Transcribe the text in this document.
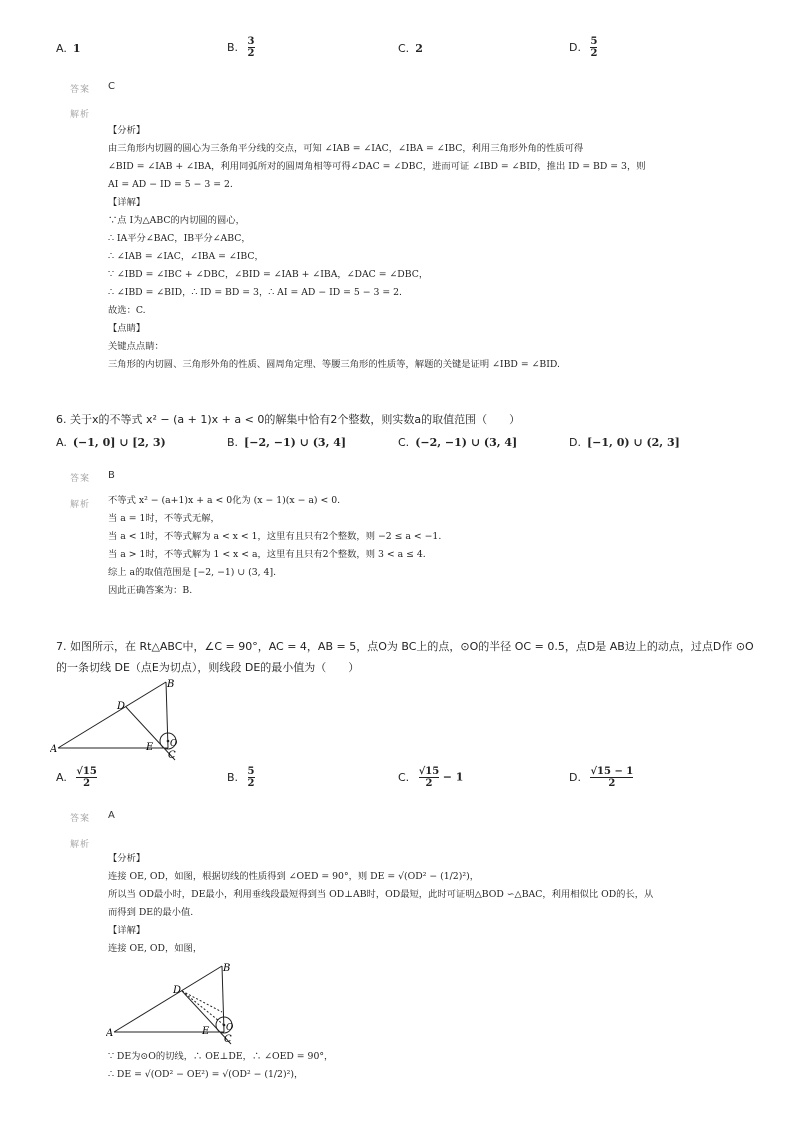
A. 1	B. $\frac{3}{2}$	C. 2	D. $\frac{5}{2}$
答案 C
解析
【分析】
由三角形内切圆的圆心为三条角平分线的交点，可知 ∠IAB = ∠IAC，∠IBA = ∠IBC，利用三角形外角的性质可得
∠BID = ∠IAB + ∠IBA，利用同弧所对的圆周角相等可得∠DAC = ∠DBC，进而可证 ∠IBD = ∠BID，推出 ID = BD = 3，则
AI = AD − ID = 5 − 3 = 2.
【详解】
∵点 I为△ABC的内切圆的圆心，
∴ IA平分∠BAC，IB平分∠ABC，
∴ ∠IAB = ∠IAC，∠IBA = ∠IBC，
∵ ∠IBD = ∠IBC + ∠DBC，∠BID = ∠IAB + ∠IBA，∠DAC = ∠DBC，
∴ ∠IBD = ∠BID，∴ ID = BD = 3，∴ AI = AD − ID = 5 − 3 = 2.
故选：C.
【点睛】
关键点点睛：
三角形的内切圆、三角形外角的性质、圆周角定理、等腰三角形的性质等，解题的关键是证明 ∠IBD = ∠BID.
6. 关于x的不等式 x² − (a + 1)x + a < 0的解集中恰有2个整数，则实数a的取值范围（　　）
A. (−1, 0] ∪ [2, 3)	B. [−2, −1) ∪ (3, 4]	C. (−2, −1) ∪ (3, 4]	D. [−1, 0) ∪ (2, 3]
答案 B
解析 不等式 x² − (a+1)x + a < 0化为 (x − 1)(x − a) < 0.
当 a = 1时，不等式无解，
当 a < 1时，不等式解为 a < x < 1，这里有且只有2个整数，则 −2 ≤ a < −1.
当 a > 1时，不等式解为 1 < x < a，这里有且只有2个整数，则 3 < a ≤ 4.
综上 a的取值范围是 [−2, −1) ∪ (3, 4].
因此正确答案为：B.
7. 如图所示，在 Rt△ABC中，∠C = 90°，AC = 4，AB = 5，点O为 BC上的点，⊙O的半径 OC = 0.5，点D是 AB边上的动点，过点D作 ⊙O
的一条切线 DE（点E为切点），则线段 DE的最小值为（　　）
A
B
C
D
E O
A. $\frac{√15}{2}$	B. $\frac{5}{2}$	C. $\frac{√15}{2} - 1$	D. $\frac{√15 - 1}{2}$
答案 A
解析
【分析】
连接 OE, OD，如图，根据切线的性质得到 ∠OED = 90°，则 DE = √(OD² − (1/2)²)，
所以当 OD最小时，DE最小，利用垂线段最短得到当 OD⊥AB时，OD最短，此时可证明△BOD ∽△BAC，利用相似比 OD的长，从
而得到 DE的最小值.
【详解】
连接 OE, OD，如图，
A
B
C
D
E O
∵ DE为⊙O的切线，∴ OE⊥DE，∴ ∠OED = 90°，
∴ DE = √(OD² − OE²) = √(OD² − (1/2)²)，
